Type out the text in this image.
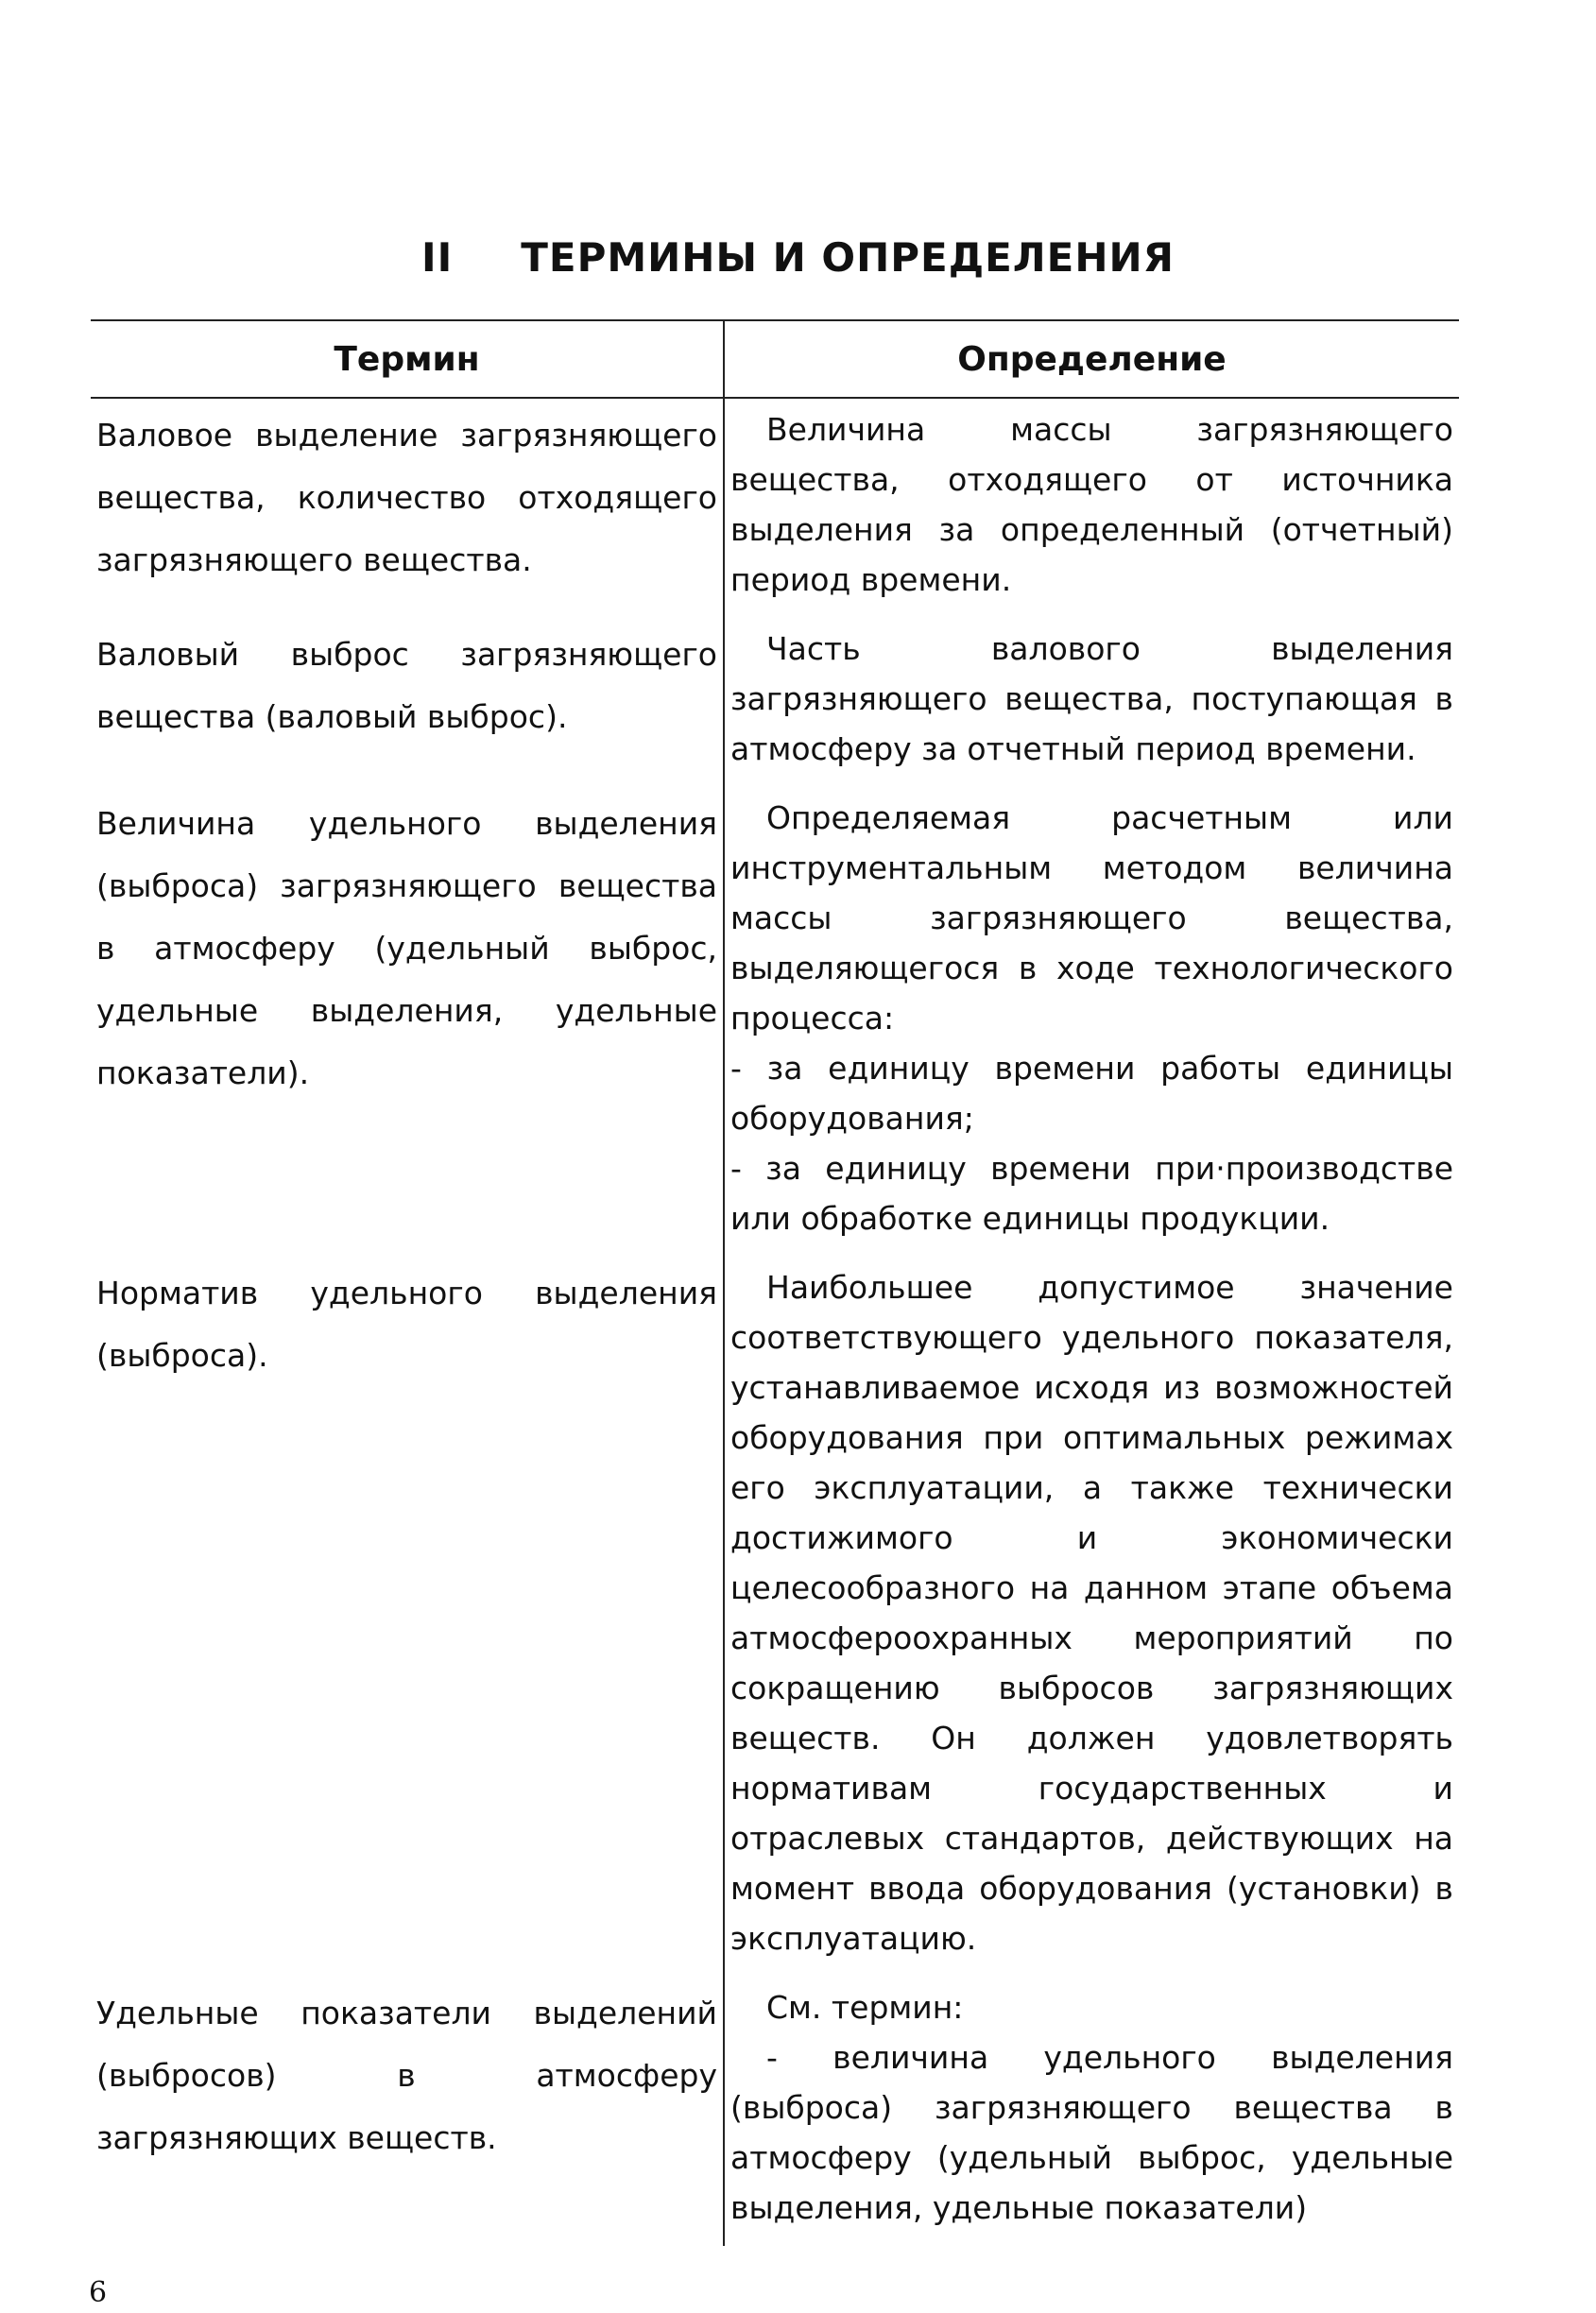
II ТЕРМИНЫ И ОПРЕДЕЛЕНИЯ
Термин	Определение
Валовое выделение загрязняющего вещества, количество отходящего загрязняющего вещества.	Величина массы загрязняющего вещества, отходящего от источника выделения за определенный (отчетный) период времени.

Валовый выброс загрязняющего вещества (валовый выброс).	Часть валового выделения загрязняющего вещества, поступающая в атмосферу за отчетный период времени.

Величина удельного выделения (выброса) загрязняющего вещества в атмосферу (удельный выброс, удельные выделения, удельные показатели).	Определяемая расчетным или инструментальным методом величина массы загрязняющего вещества, выделяющегося в ходе технологического процесса:
- за единицу времени работы единицы оборудования;
- за единицу времени при·производстве или обработке единицы продукции.

Норматив удельного выделения (выброса).	Наибольшее допустимое значение соответствующего удельного показателя, устанавливаемое исходя из возможностей оборудования при оптимальных режимах его эксплуатации, а также технически достижимого и экономически целесообразного на данном этапе объема атмосфероохранных мероприятий по сокращению выбросов загрязняющих веществ. Он должен удовлетворять нормативам государственных и отраслевых стандартов, действующих на момент ввода оборудования (установки) в эксплуатацию.

Удельные показатели выделений (выбросов) в атмосферу загрязняющих веществ.	См. термин:
- величина удельного выделения (выброса) загрязняющего вещества в атмосферу (удельный выброс, удельные выделения, удельные показатели)
6
